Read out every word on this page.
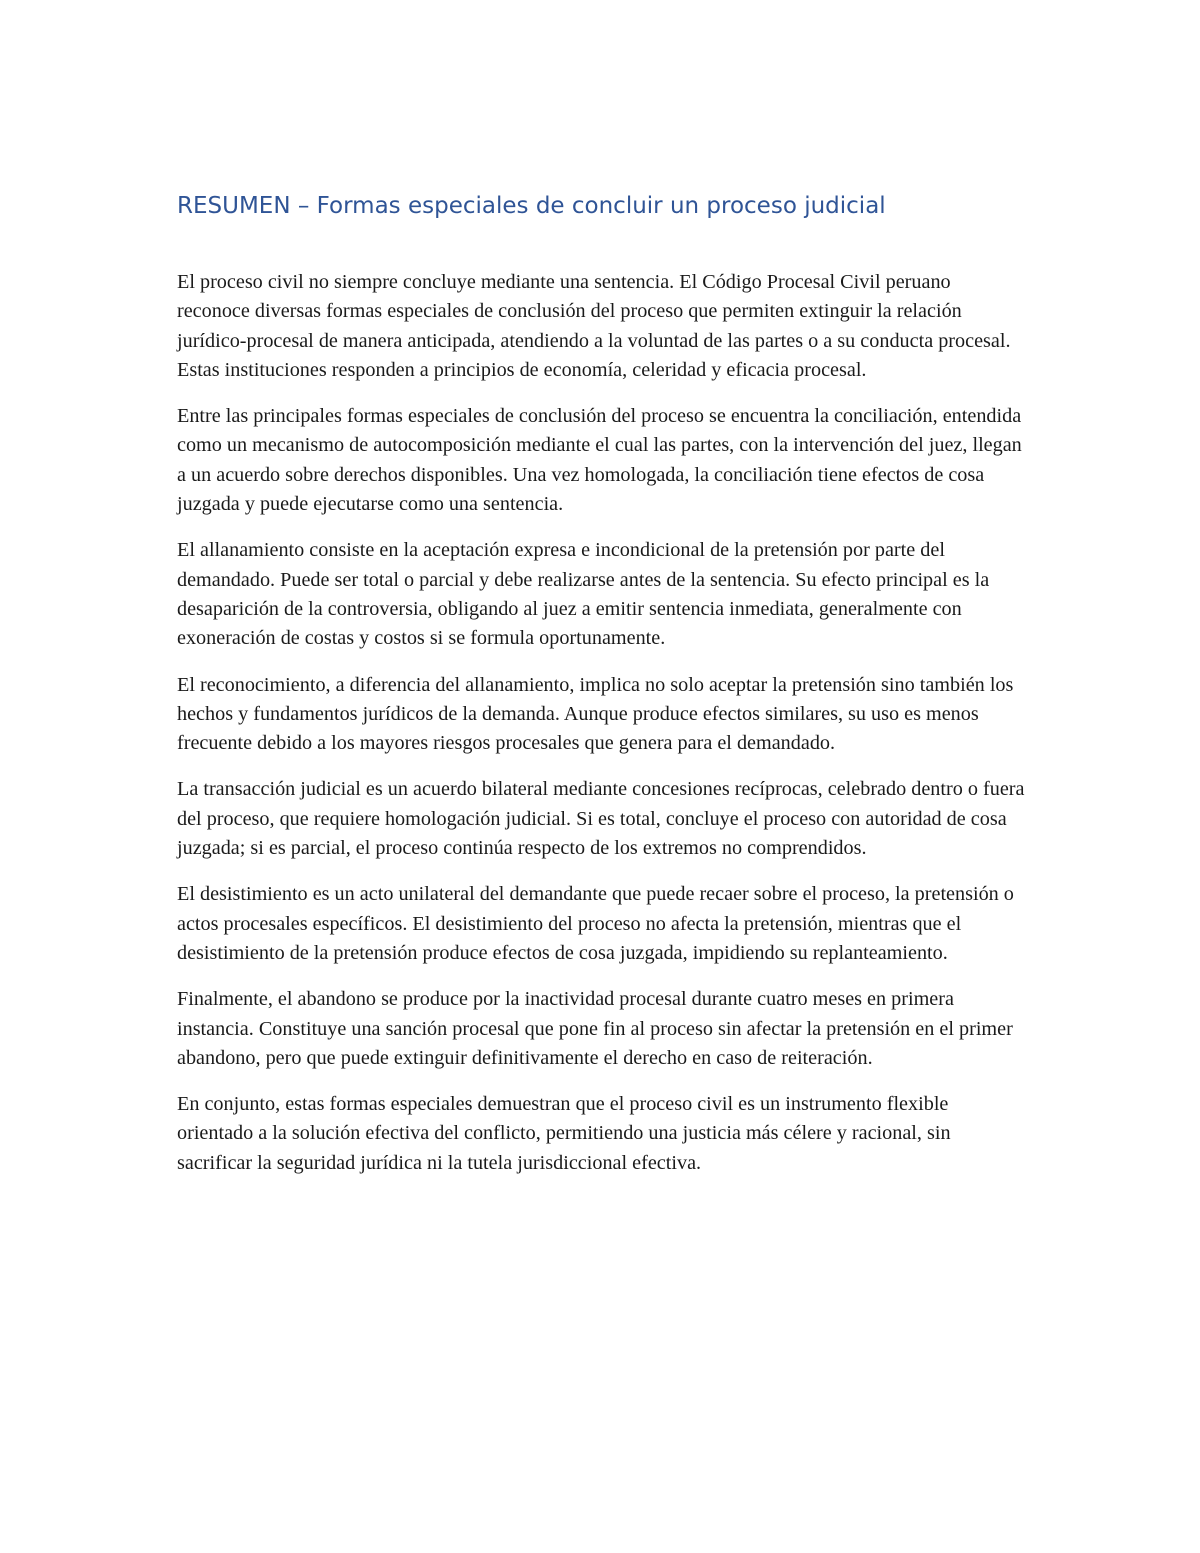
RESUMEN – Formas especiales de concluir un proceso judicial

El proceso civil no siempre concluye mediante una sentencia. El Código Procesal Civil peruano reconoce diversas formas especiales de conclusión del proceso que permiten extinguir la relación jurídico-procesal de manera anticipada, atendiendo a la voluntad de las partes o a su conducta procesal. Estas instituciones responden a principios de economía, celeridad y eficacia procesal.

Entre las principales formas especiales de conclusión del proceso se encuentra la conciliación, entendida como un mecanismo de autocomposición mediante el cual las partes, con la intervención del juez, llegan a un acuerdo sobre derechos disponibles. Una vez homologada, la conciliación tiene efectos de cosa juzgada y puede ejecutarse como una sentencia.

El allanamiento consiste en la aceptación expresa e incondicional de la pretensión por parte del demandado. Puede ser total o parcial y debe realizarse antes de la sentencia. Su efecto principal es la desaparición de la controversia, obligando al juez a emitir sentencia inmediata, generalmente con exoneración de costas y costos si se formula oportunamente.

El reconocimiento, a diferencia del allanamiento, implica no solo aceptar la pretensión sino también los hechos y fundamentos jurídicos de la demanda. Aunque produce efectos similares, su uso es menos frecuente debido a los mayores riesgos procesales que genera para el demandado.

La transacción judicial es un acuerdo bilateral mediante concesiones recíprocas, celebrado dentro o fuera del proceso, que requiere homologación judicial. Si es total, concluye el proceso con autoridad de cosa juzgada; si es parcial, el proceso continúa respecto de los extremos no comprendidos.

El desistimiento es un acto unilateral del demandante que puede recaer sobre el proceso, la pretensión o actos procesales específicos. El desistimiento del proceso no afecta la pretensión, mientras que el desistimiento de la pretensión produce efectos de cosa juzgada, impidiendo su replanteamiento.

Finalmente, el abandono se produce por la inactividad procesal durante cuatro meses en primera instancia. Constituye una sanción procesal que pone fin al proceso sin afectar la pretensión en el primer abandono, pero que puede extinguir definitivamente el derecho en caso de reiteración.

En conjunto, estas formas especiales demuestran que el proceso civil es un instrumento flexible orientado a la solución efectiva del conflicto, permitiendo una justicia más célere y racional, sin sacrificar la seguridad jurídica ni la tutela jurisdiccional efectiva.
